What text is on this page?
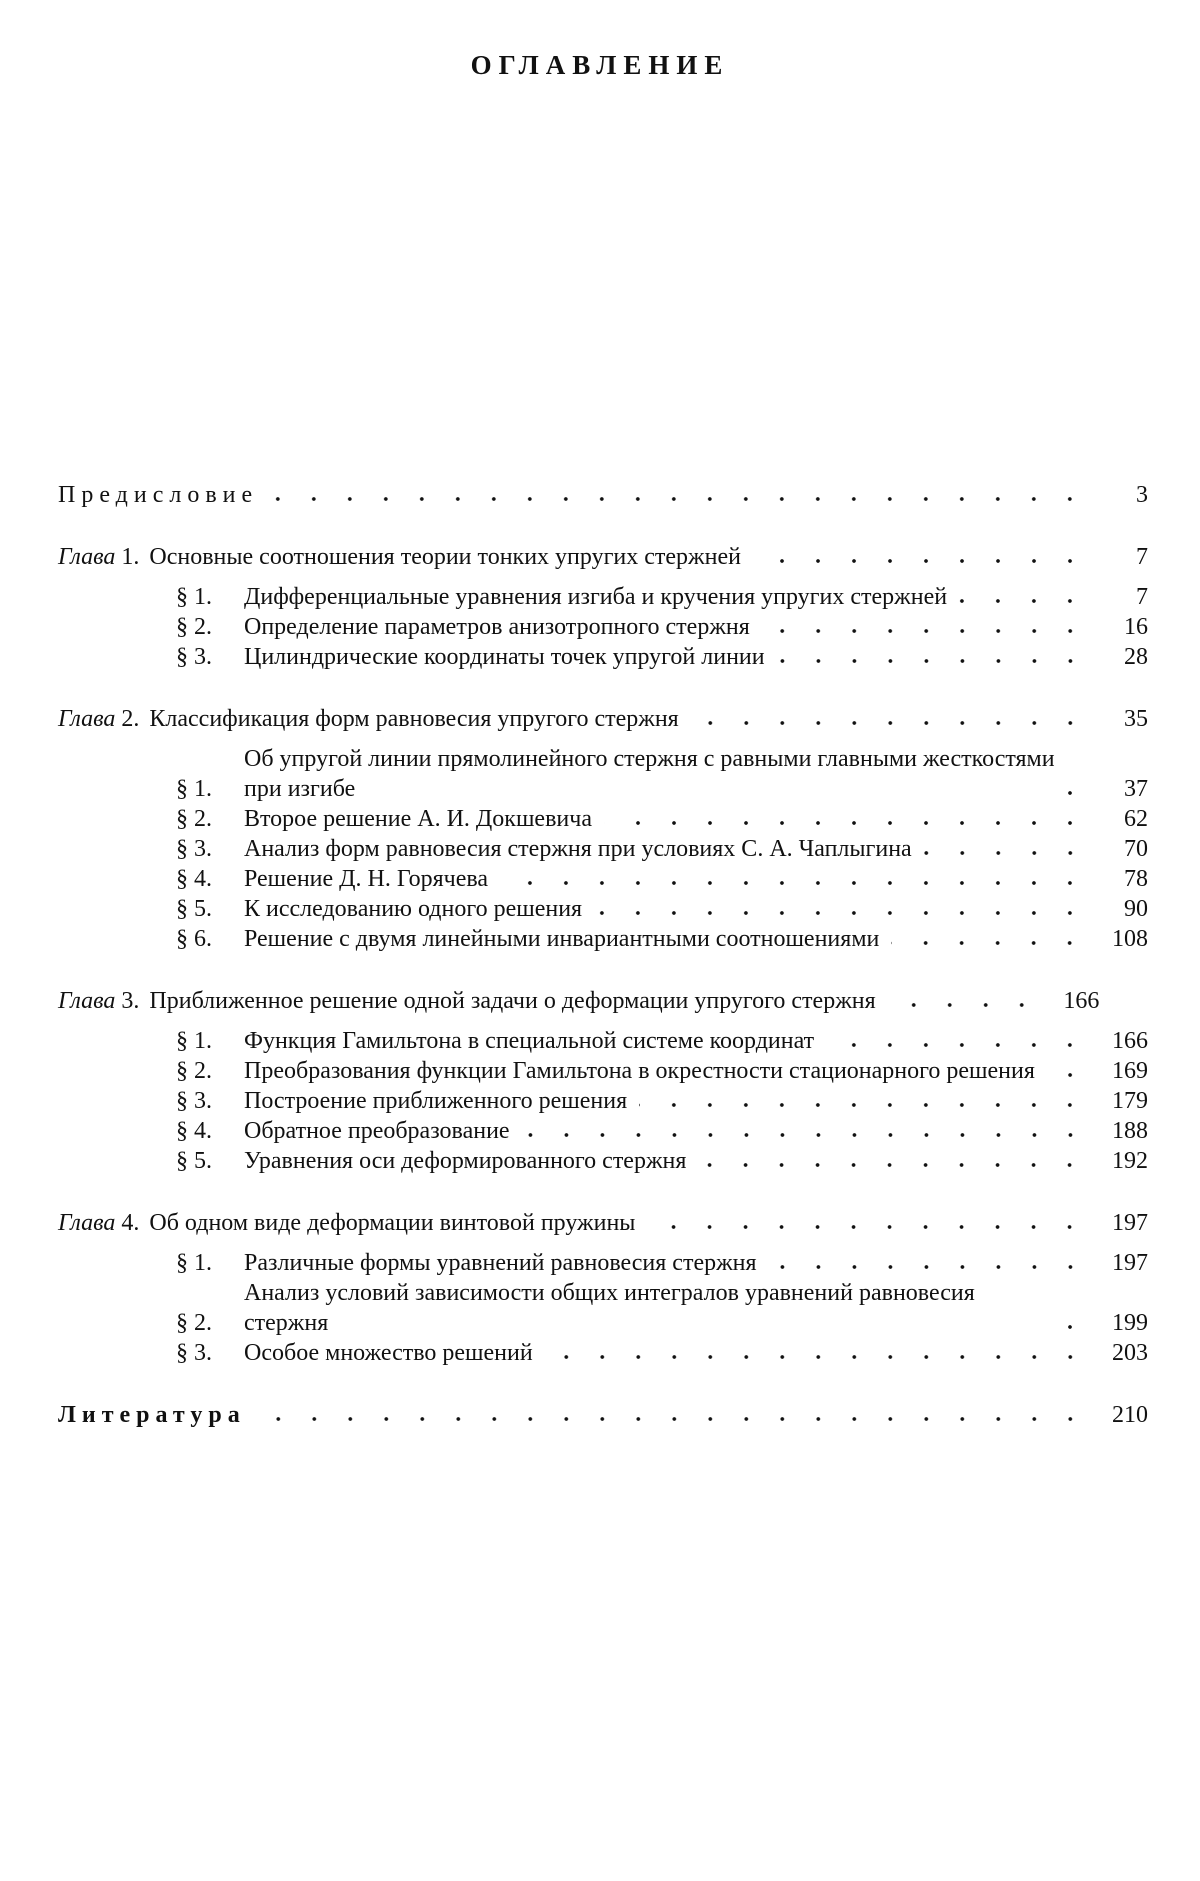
ОГЛАВЛЕНИЕ
Предисловие	3
Глава 1. Основные соотношения теории тонких упругих стержней	7
§ 1.	Дифференциальные уравнения изгиба и кручения упругих стержней	7
§ 2.	Определение параметров анизотропного стержня	16
§ 3.	Цилиндрические координаты точек упругой линии	28
Глава 2. Классификация форм равновесия упругого стержня	35
§ 1.
Об упругой линии прямолинейного стержня с равными главными жесткостями при изгибе	37
§ 2.	Второе решение А. И. Докшевича	62
§ 3.	Анализ форм равновесия стержня при условиях С. А. Чаплыгина	70
§ 4.	Решение Д. Н. Горячева	78
§ 5.	К исследованию одного решения	90
§ 6.	Решение с двумя линейными инвариантными соотношениями	108
Глава 3. Приближенное решение одной задачи о деформации упругого стержня	166
§ 1.	Функция Гамильтона в специальной системе координат	166
§ 2.	Преобразования функции Гамильтона в окрестности стационарного решения	169
§ 3.	Построение приближенного решения	179
§ 4.	Обратное преобразование	188
§ 5.	Уравнения оси деформированного стержня	192
Глава 4. Об одном виде деформации винтовой пружины	197
§ 1.	Различные формы уравнений равновесия стержня	197
§ 2.
Анализ условий зависимости общих интегралов уравнений равновесия стержня	199
§ 3.	Особое множество решений	203
Литература	210
